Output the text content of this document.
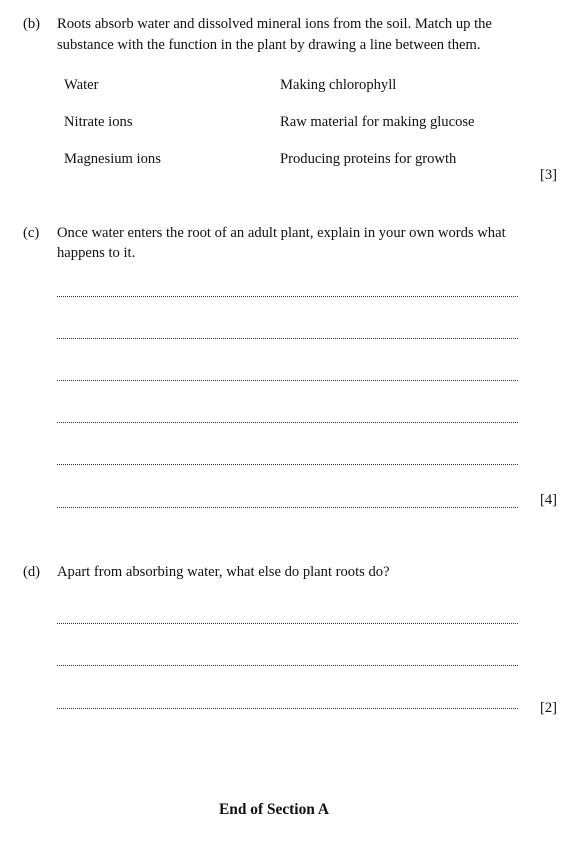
(b) Roots absorb water and dissolved mineral ions from the soil. Match up the
substance with the function in the plant by drawing a line between them.
Water
Nitrate ions
Magnesium ions
Making chlorophyll
Raw material for making glucose
Producing proteins for growth
[3]
(c) Once water enters the root of an adult plant, explain in your own words what
happens to it.
[4]
(d) Apart from absorbing water, what else do plant roots do?
[2]
End of Section A
